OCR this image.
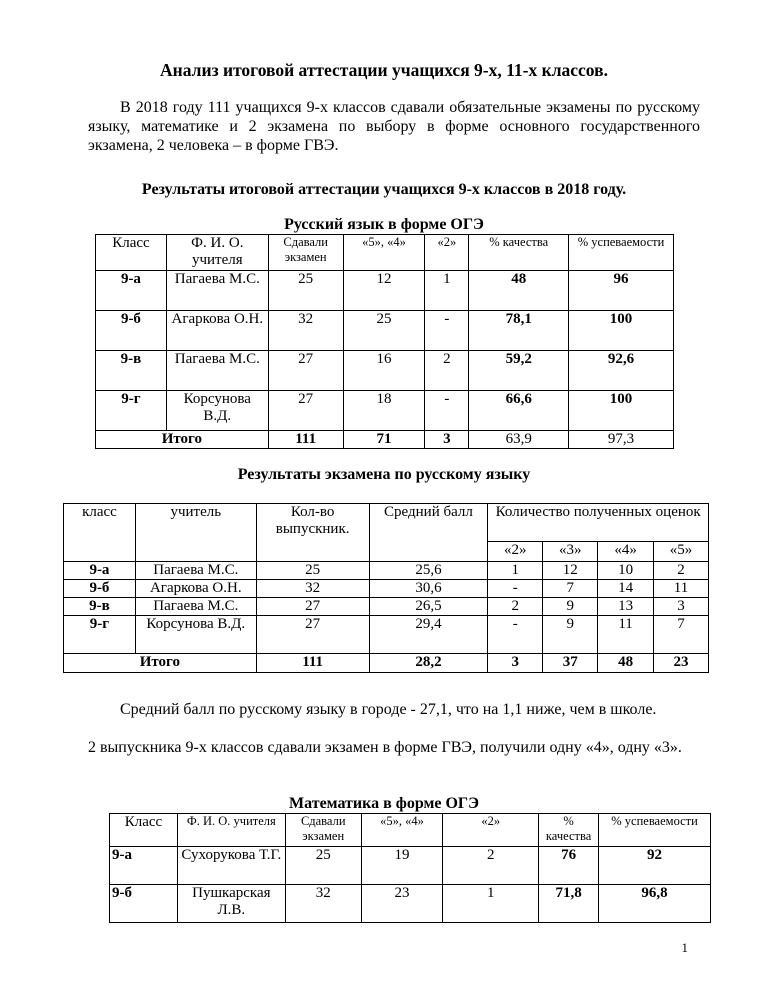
Анализ итоговой аттестации учащихся 9-х, 11-х классов.
В 2018 году 111 учащихся 9-х классов сдавали обязательные экзамены по русскому языку, математике и 2 экзамена по выбору в форме основного государственного экзамена, 2 человека – в форме ГВЭ.
Результаты итоговой аттестации учащихся 9-х классов в 2018 году.
Русский язык в форме ОГЭ
Класс	Ф. И. О. учителя	Сдавали экзамен	«5», «4»	«2»	% качества	% успеваемости
9-а	Пагаева М.С.	25	12	1	48	96
9-б	Агаркова О.Н.	32	25	-	78,1	100
9-в	Пагаева М.С.	27	16	2	59,2	92,6
9-г	Корсунова В.Д.	27	18	-	66,6	100
Итого		111	71	3	63,9	97,3
Результаты экзамена по русскому языку
класс	учитель	Кол-во выпускник.	Средний балл	Количество полученных оценок			
				«2»	«3»	«4»	«5»
9-а	Пагаева М.С.	25	25,6	1	12	10	2
9-б	Агаркова О.Н.	32	30,6	-	7	14	11
9-в	Пагаева М.С.	27	26,5	2	9	13	3
9-г	Корсунова В.Д.	27	29,4	-	9	11	7
Итого		111	28,2	3	37	48	23
Средний балл по русскому языку в городе - 27,1, что на 1,1 ниже, чем в школе.
2 выпускника 9-х классов сдавали экзамен в форме ГВЭ, получили одну «4», одну «3».
Математика в форме ОГЭ
Класс	Ф. И. О. учителя	Сдавали экзамен	«5», «4»	«2»	% качества	% успеваемости
9-а	Сухорукова Т.Г.	25	19	2	76	92
9-б	Пушкарская Л.В.	32	23	1	71,8	96,8
1
